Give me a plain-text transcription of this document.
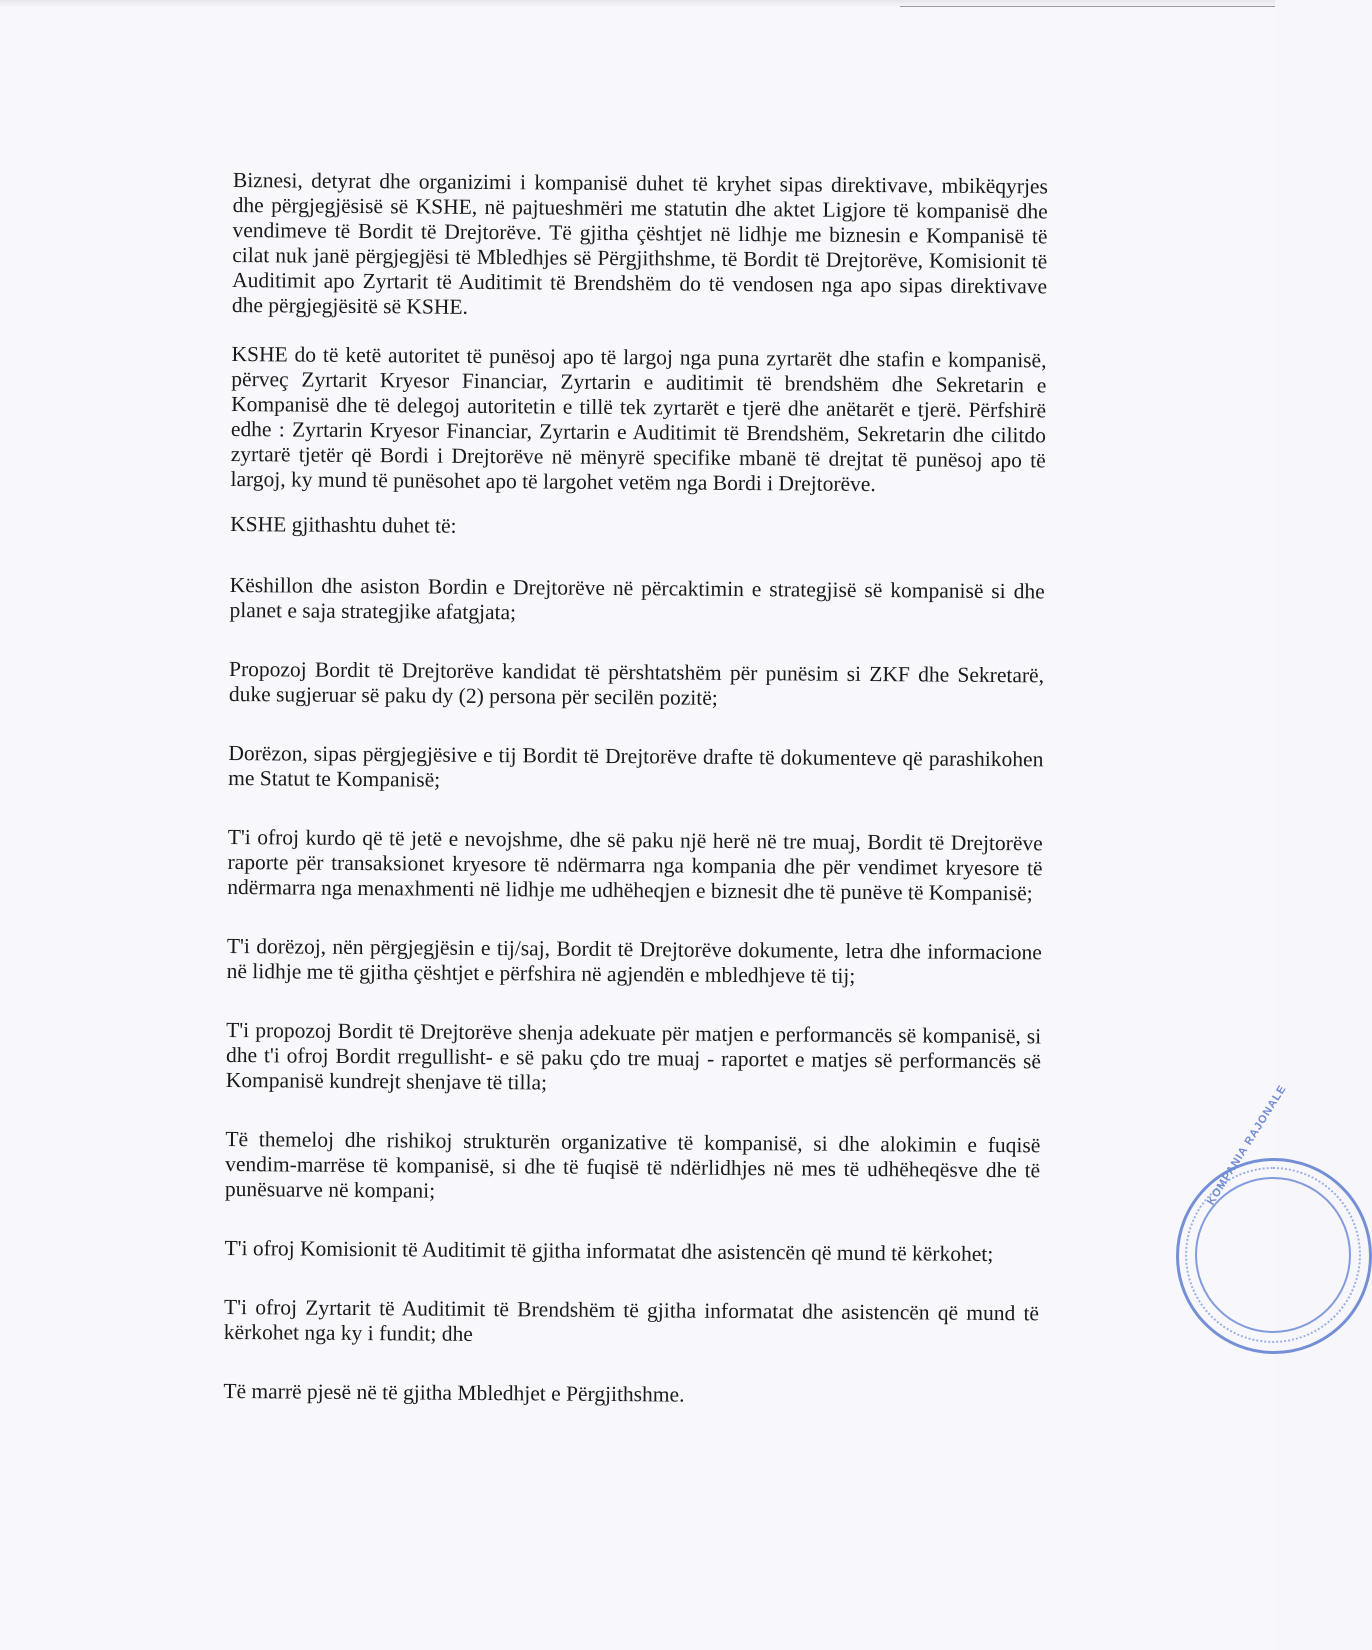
Biznesi, detyrat dhe organizimi i kompanisë duhet të kryhet sipas direktivave, mbikëqyrjes dhe përgjegjësisë së KSHE, në pajtueshmëri me statutin dhe aktet Ligjore të kompanisë dhe vendimeve të Bordit të Drejtorëve. Të gjitha çështjet në lidhje me biznesin e Kompanisë të cilat nuk janë përgjegjësi të Mbledhjes së Përgjithshme, të Bordit të Drejtorëve, Komisionit të Auditimit apo Zyrtarit të Auditimit të Brendshëm do të vendosen nga apo sipas direktivave dhe përgjegjësitë së KSHE.

KSHE do të ketë autoritet të punësoj apo të largoj nga puna zyrtarët dhe stafin e kompanisë, përveç Zyrtarit Kryesor Financiar, Zyrtarin e auditimit të brendshëm dhe Sekretarin e Kompanisë dhe të delegoj autoritetin e tillë tek zyrtarët e tjerë dhe anëtarët e tjerë. Përfshirë edhe : Zyrtarin Kryesor Financiar, Zyrtarin e Auditimit të Brendshëm, Sekretarin dhe cilitdo zyrtarë tjetër që Bordi i Drejtorëve në mënyrë specifike mbanë të drejtat të punësoj apo të largoj, ky mund të punësohet apo të largohet vetëm nga Bordi i Drejtorëve.

KSHE gjithashtu duhet të:

Këshillon dhe asiston Bordin e Drejtorëve në përcaktimin e strategjisë së kompanisë si dhe planet e saja strategjike afatgjata;

Propozoj Bordit të Drejtorëve kandidat të përshtatshëm për punësim si ZKF dhe Sekretarë, duke sugjeruar së paku dy (2) persona për secilën pozitë;

Dorëzon, sipas përgjegjësive e tij Bordit të Drejtorëve drafte të dokumenteve që parashikohen me Statut te Kompanisë;

T'i ofroj kurdo që të jetë e nevojshme, dhe së paku një herë në tre muaj, Bordit të Drejtorëve raporte për transaksionet kryesore të ndërmarra nga kompania dhe për vendimet kryesore të ndërmarra nga menaxhmenti në lidhje me udhëheqjen e biznesit dhe të punëve të Kompanisë;

T'i dorëzoj, nën përgjegjësin e tij/saj, Bordit të Drejtorëve dokumente, letra dhe informacione në lidhje me të gjitha çështjet e përfshira në agjendën e mbledhjeve të tij;

T'i propozoj Bordit të Drejtorëve shenja adekuate për matjen e performancës së kompanisë, si dhe t'i ofroj Bordit rregullisht- e së paku çdo tre muaj - raportet e matjes së performancës së Kompanisë kundrejt shenjave të tilla;

Të themeloj dhe rishikoj strukturën organizative të kompanisë, si dhe alokimin e fuqisë vendim-marrëse të kompanisë, si dhe të fuqisë të ndërlidhjes në mes të udhëheqësve dhe të punësuarve në kompani;

T'i ofroj Komisionit të Auditimit të gjitha informatat dhe asistencën që mund të kërkohet;

T'i ofroj Zyrtarit të Auditimit të Brendshëm të gjitha informatat dhe asistencën që mund të kërkohet nga ky i fundit; dhe

Të marrë pjesë në të gjitha Mbledhjet e Përgjithshme.

KOMPANIA RAJONALE
